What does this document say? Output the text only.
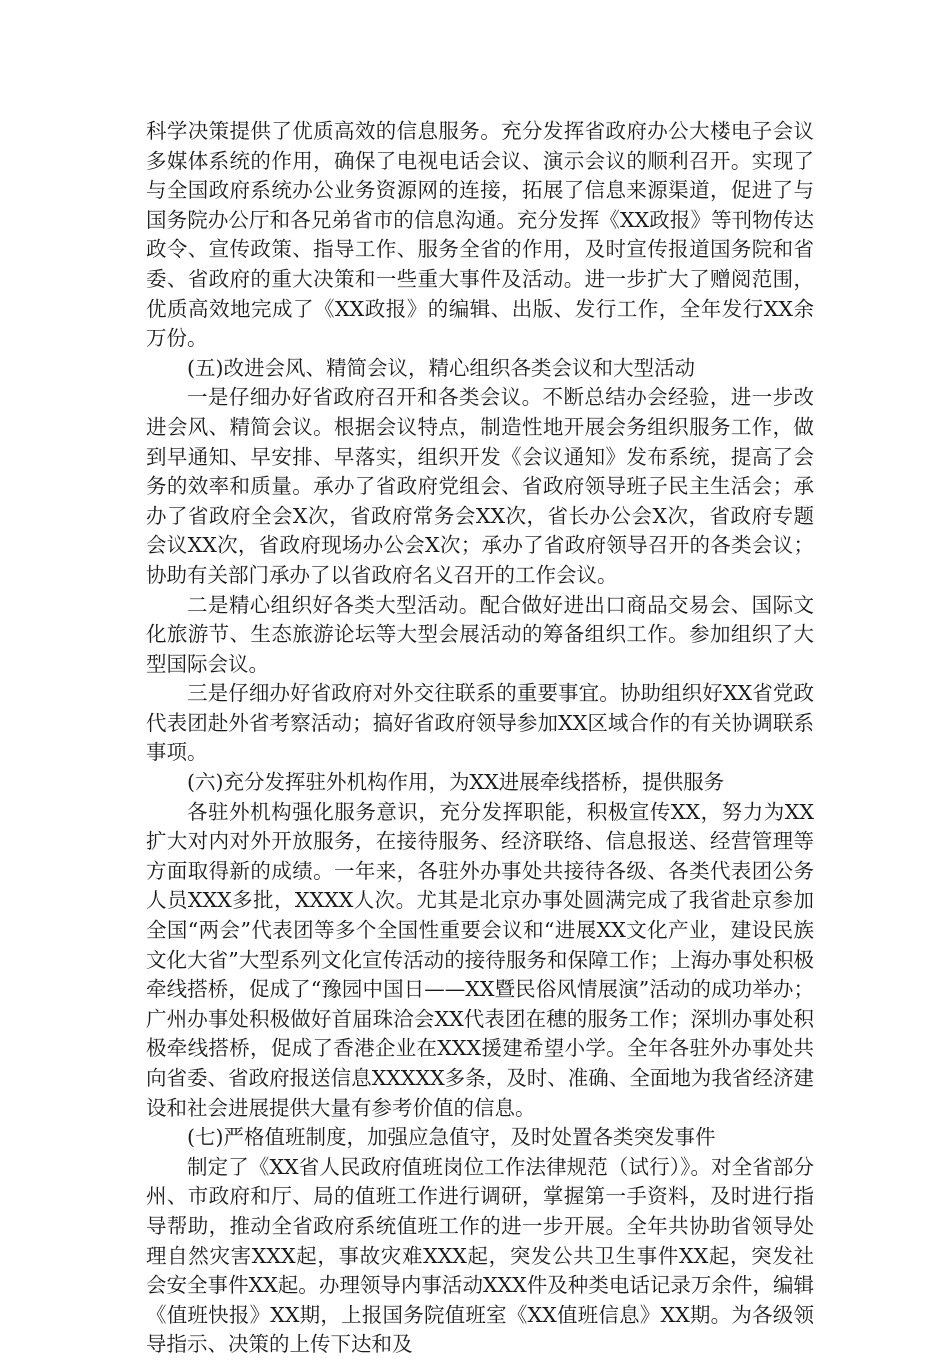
科学决策提供了优质高效的信息服务。充分发挥省政府办公大楼电子会议多媒体系统的作用，确保了电视电话会议、演示会议的顺利召开。实现了与全国政府系统办公业务资源网的连接，拓展了信息来源渠道，促进了与国务院办公厅和各兄弟省市的信息沟通。充分发挥《XX政报》等刊物传达政令、宣传政策、指导工作、服务全省的作用，及时宣传报道国务院和省委、省政府的重大决策和一些重大事件及活动。进一步扩大了赠阅范围，优质高效地完成了《XX政报》的编辑、出版、发行工作，全年发行XX余万份。

(五)改进会风、精简会议，精心组织各类会议和大型活动

一是仔细办好省政府召开和各类会议。不断总结办会经验，进一步改进会风、精简会议。根据会议特点，制造性地开展会务组织服务工作，做到早通知、早安排、早落实，组织开发《会议通知》发布系统，提高了会务的效率和质量。承办了省政府党组会、省政府领导班子民主生活会；承办了省政府全会X次，省政府常务会XX次，省长办公会X次，省政府专题会议XX次，省政府现场办公会X次；承办了省政府领导召开的各类会议；协助有关部门承办了以省政府名义召开的工作会议。

二是精心组织好各类大型活动。配合做好进出口商品交易会、国际文化旅游节、生态旅游论坛等大型会展活动的筹备组织工作。参加组织了大型国际会议。

三是仔细办好省政府对外交往联系的重要事宜。协助组织好XX省党政代表团赴外省考察活动；搞好省政府领导参加XX区域合作的有关协调联系事项。

(六)充分发挥驻外机构作用，为XX进展牵线搭桥，提供服务

各驻外机构强化服务意识，充分发挥职能，积极宣传XX，努力为XX扩大对内对外开放服务，在接待服务、经济联络、信息报送、经营管理等方面取得新的成绩。一年来，各驻外办事处共接待各级、各类代表团公务人员XXX多批，XXXX人次。尤其是北京办事处圆满完成了我省赴京参加全国“两会”代表团等多个全国性重要会议和“进展XX文化产业，建设民族文化大省”大型系列文化宣传活动的接待服务和保障工作；上海办事处积极牵线搭桥，促成了“豫园中国日——XX暨民俗风情展演”活动的成功举办；广州办事处积极做好首届珠洽会XX代表团在穗的服务工作；深圳办事处积极牵线搭桥，促成了香港企业在XXX援建希望小学。全年各驻外办事处共向省委、省政府报送信息XXXXX多条，及时、准确、全面地为我省经济建设和社会进展提供大量有参考价值的信息。

(七)严格值班制度，加强应急值守，及时处置各类突发事件

制定了《XX省人民政府值班岗位工作法律规范（试行）》。对全省部分州、市政府和厅、局的值班工作进行调研，掌握第一手资料，及时进行指导帮助，推动全省政府系统值班工作的进一步开展。全年共协助省领导处理自然灾害XXX起，事故灾难XXX起，突发公共卫生事件XX起，突发社会安全事件XX起。办理领导内事活动XXX件及种类电话记录万余件，编辑《值班快报》XX期，上报国务院值班室《XX值班信息》XX期。为各级领导指示、决策的上传下达和及
